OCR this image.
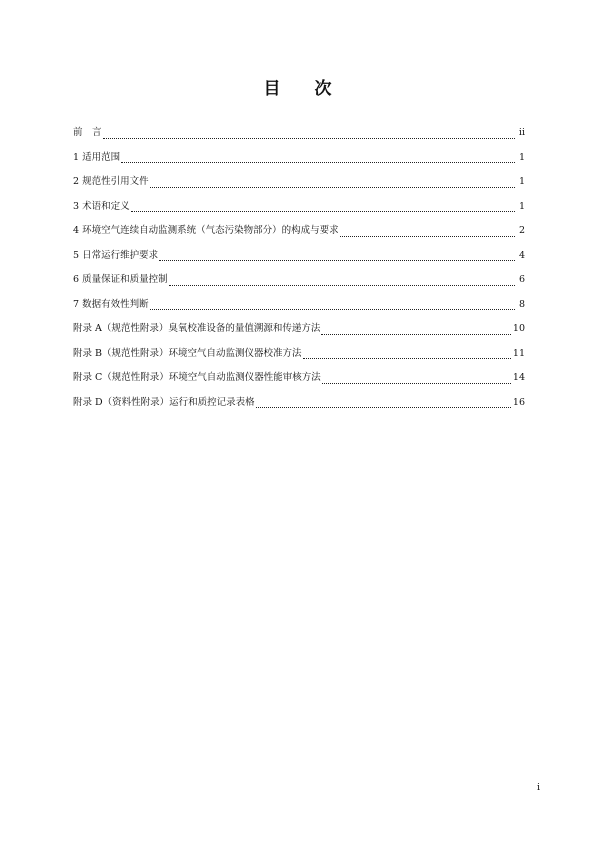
目 次
前　言	ii
1 适用范围	1
2 规范性引用文件	1
3 术语和定义	1
4 环境空气连续自动监测系统（气态污染物部分）的构成与要求	2
5 日常运行维护要求	4
6 质量保证和质量控制	6
7 数据有效性判断	8
附录 A（规范性附录）臭氧校准设备的量值溯源和传递方法	10
附录 B（规范性附录）环境空气自动监测仪器校准方法	11
附录 C（规范性附录）环境空气自动监测仪器性能审核方法	14
附录 D（资料性附录）运行和质控记录表格	16
i
